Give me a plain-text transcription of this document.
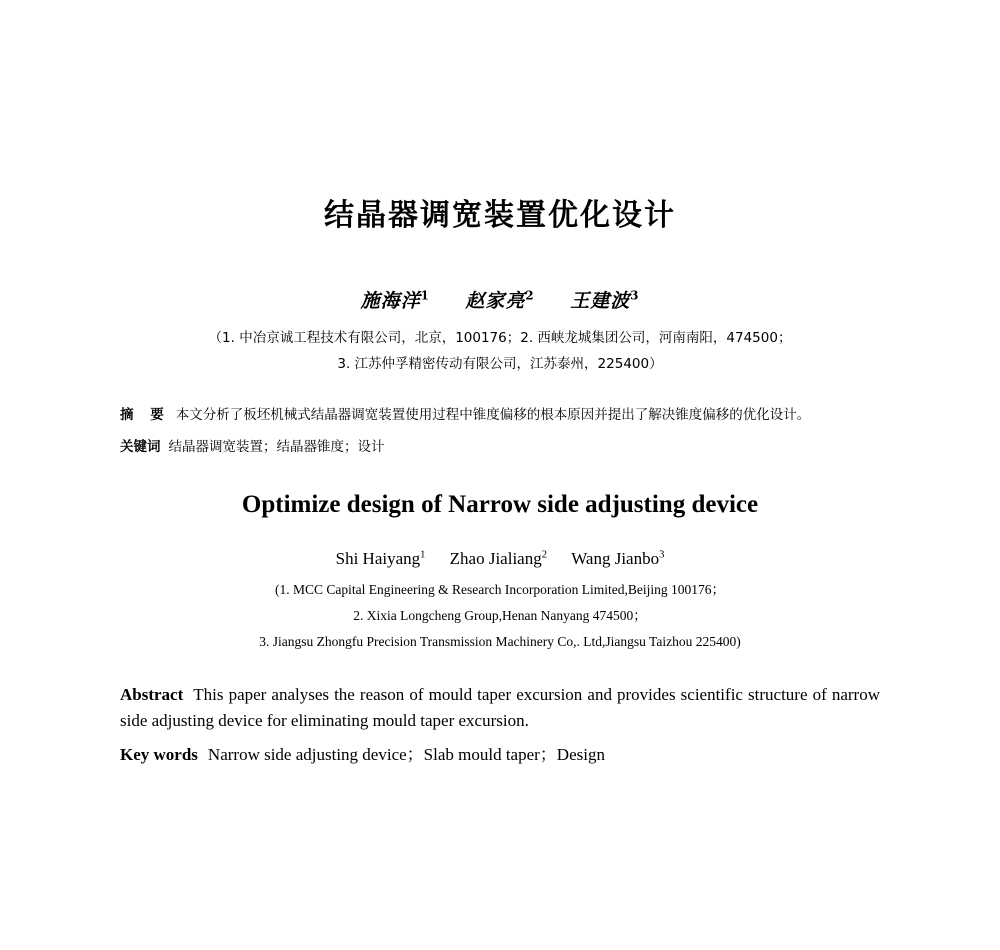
结晶器调宽装置优化设计
施海洋$^1$ 赵家亮$^2$ 王建波$^3$
（1. 中冶京诚工程技术有限公司，北京，100176；2. 西峡龙城集团公司，河南南阳，474500；
3. 江苏仲孚精密传动有限公司，江苏泰州，225400）
摘 要 本文分析了板坯机械式结晶器调宽装置使用过程中锥度偏移的根本原因并提出了解决锥度偏移的优化设计。
关键词 结晶器调宽装置；结晶器锥度；设计
Optimize design of Narrow side adjusting device
Shi Haiyang$^1$ Zhao Jialiang$^2$ Wang Jianbo$^3$
(1. MCC Capital Engineering & Research Incorporation Limited,Beijing 100176；
2. Xixia Longcheng Group,Henan Nanyang 474500；
3. Jiangsu Zhongfu Precision Transmission Machinery Co,. Ltd,Jiangsu Taizhou 225400)
Abstract This paper analyses the reason of mould taper excursion and provides scientific structure of narrow side adjusting device for eliminating mould taper excursion.
Key words Narrow side adjusting device；Slab mould taper；Design
